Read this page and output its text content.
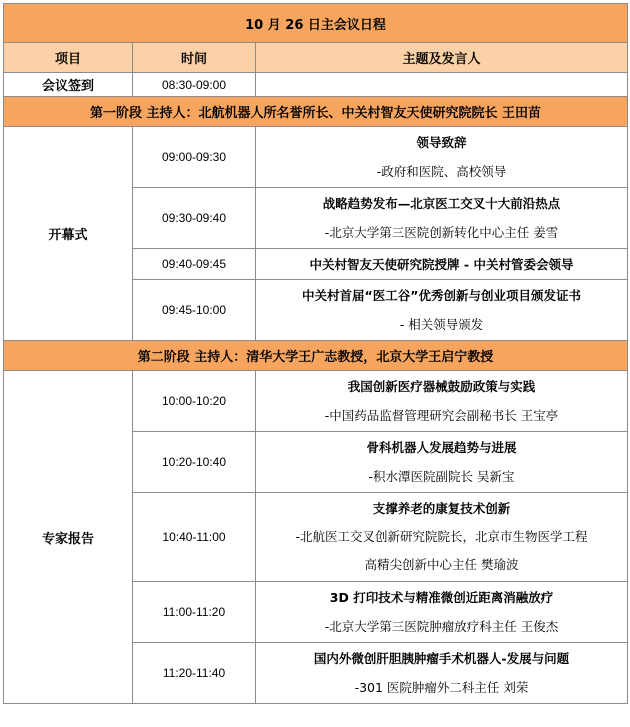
10 月 26 日主会议日程		
项目	时间	主题及发言人
会议签到	08:30-09:00	
第一阶段 主持人：北航机器人所名誉所长、中关村智友天使研究院院长 王田苗		
开幕式	09:00-09:30	领导致辞
-政府和医院、高校领导

	09:30-09:40	战略趋势发布—北京医工交叉十大前沿热点
-北京大学第三医院创新转化中心主任 姜雪

	09:40-09:45	中关村智友天使研究院授牌 - 中关村管委会领导
	09:45-10:00	中关村首届“医工谷”优秀创新与创业项目颁发证书
- 相关领导颁发

第二阶段 主持人：清华大学王广志教授，北京大学王启宁教授		
专家报告	10:00-10:20	我国创新医疗器械鼓励政策与实践
-中国药品监督管理研究会副秘书长 王宝亭

	10:20-10:40	骨科机器人发展趋势与进展
-积水潭医院副院长 吴新宝

	10:40-11:00	支撑养老的康复技术创新
-北航医工交叉创新研究院院长，北京市生物医学工程
高精尖创新中心主任 樊瑜波

	11:00-11:20	3D 打印技术与精准微创近距离消融放疗
-北京大学第三医院肿瘤放疗科主任 王俊杰

	11:20-11:40	国内外微创肝胆胰肿瘤手术机器人-发展与问题
-301 医院肿瘤外二科主任 刘荣
